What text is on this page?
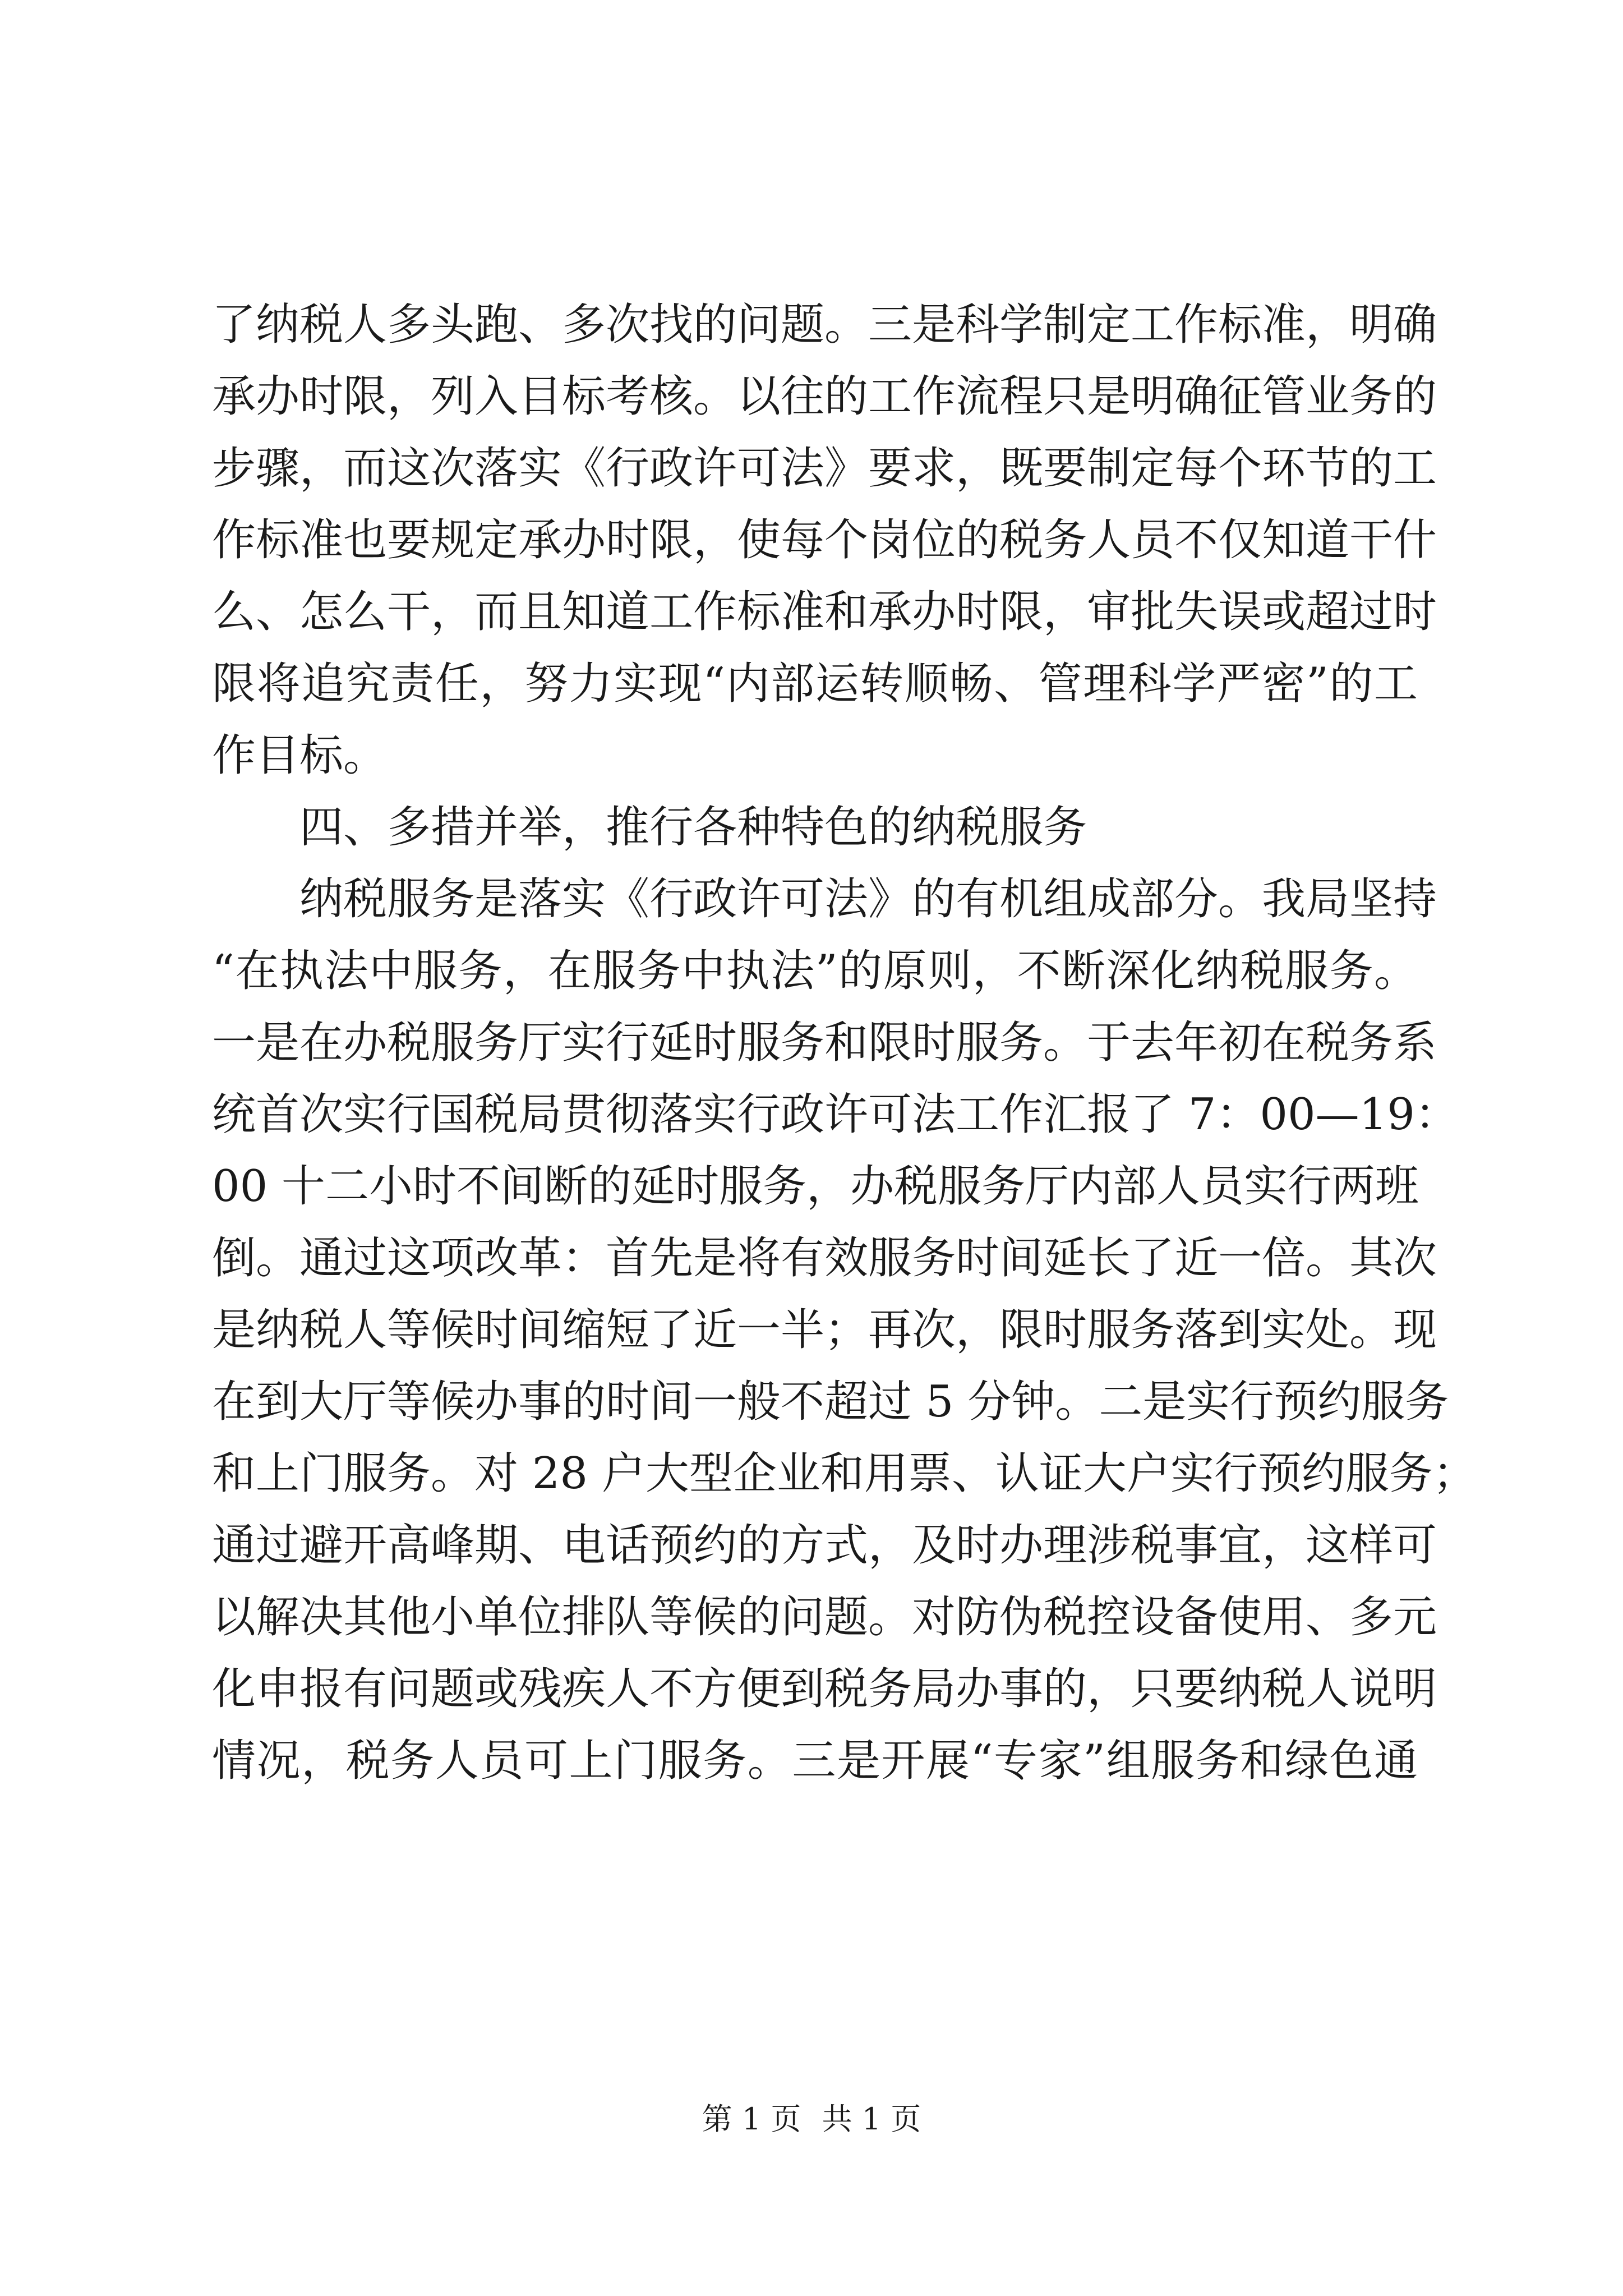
了纳税人多头跑、多次找的问题。三是科学制定工作标准，明确
承办时限，列入目标考核。以往的工作流程只是明确征管业务的
步骤，而这次落实《行政许可法》要求，既要制定每个环节的工
作标准也要规定承办时限，使每个岗位的税务人员不仅知道干什
么、怎么干，而且知道工作标准和承办时限，审批失误或超过时
限将追究责任，努力实现“内部运转顺畅、管理科学严密”的工
作目标。
四、多措并举，推行各种特色的纳税服务
纳税服务是落实《行政许可法》的有机组成部分。我局坚持
“在执法中服务，在服务中执法”的原则，不断深化纳税服务。
一是在办税服务厅实行延时服务和限时服务。于去年初在税务系
统首次实行国税局贯彻落实行政许可法工作汇报了 7：00—19：
00 十二小时不间断的延时服务，办税服务厅内部人员实行两班
倒。通过这项改革：首先是将有效服务时间延长了近一倍。其次
是纳税人等候时间缩短了近一半；再次，限时服务落到实处。现
在到大厅等候办事的时间一般不超过 5 分钟。二是实行预约服务
和上门服务。对 28 户大型企业和用票、认证大户实行预约服务；
通过避开高峰期、电话预约的方式，及时办理涉税事宜，这样可
以解决其他小单位排队等候的问题。对防伪税控设备使用、多元
化申报有问题或残疾人不方便到税务局办事的，只要纳税人说明
情况，税务人员可上门服务。三是开展“专家”组服务和绿色通
第 1 页 共 1 页
